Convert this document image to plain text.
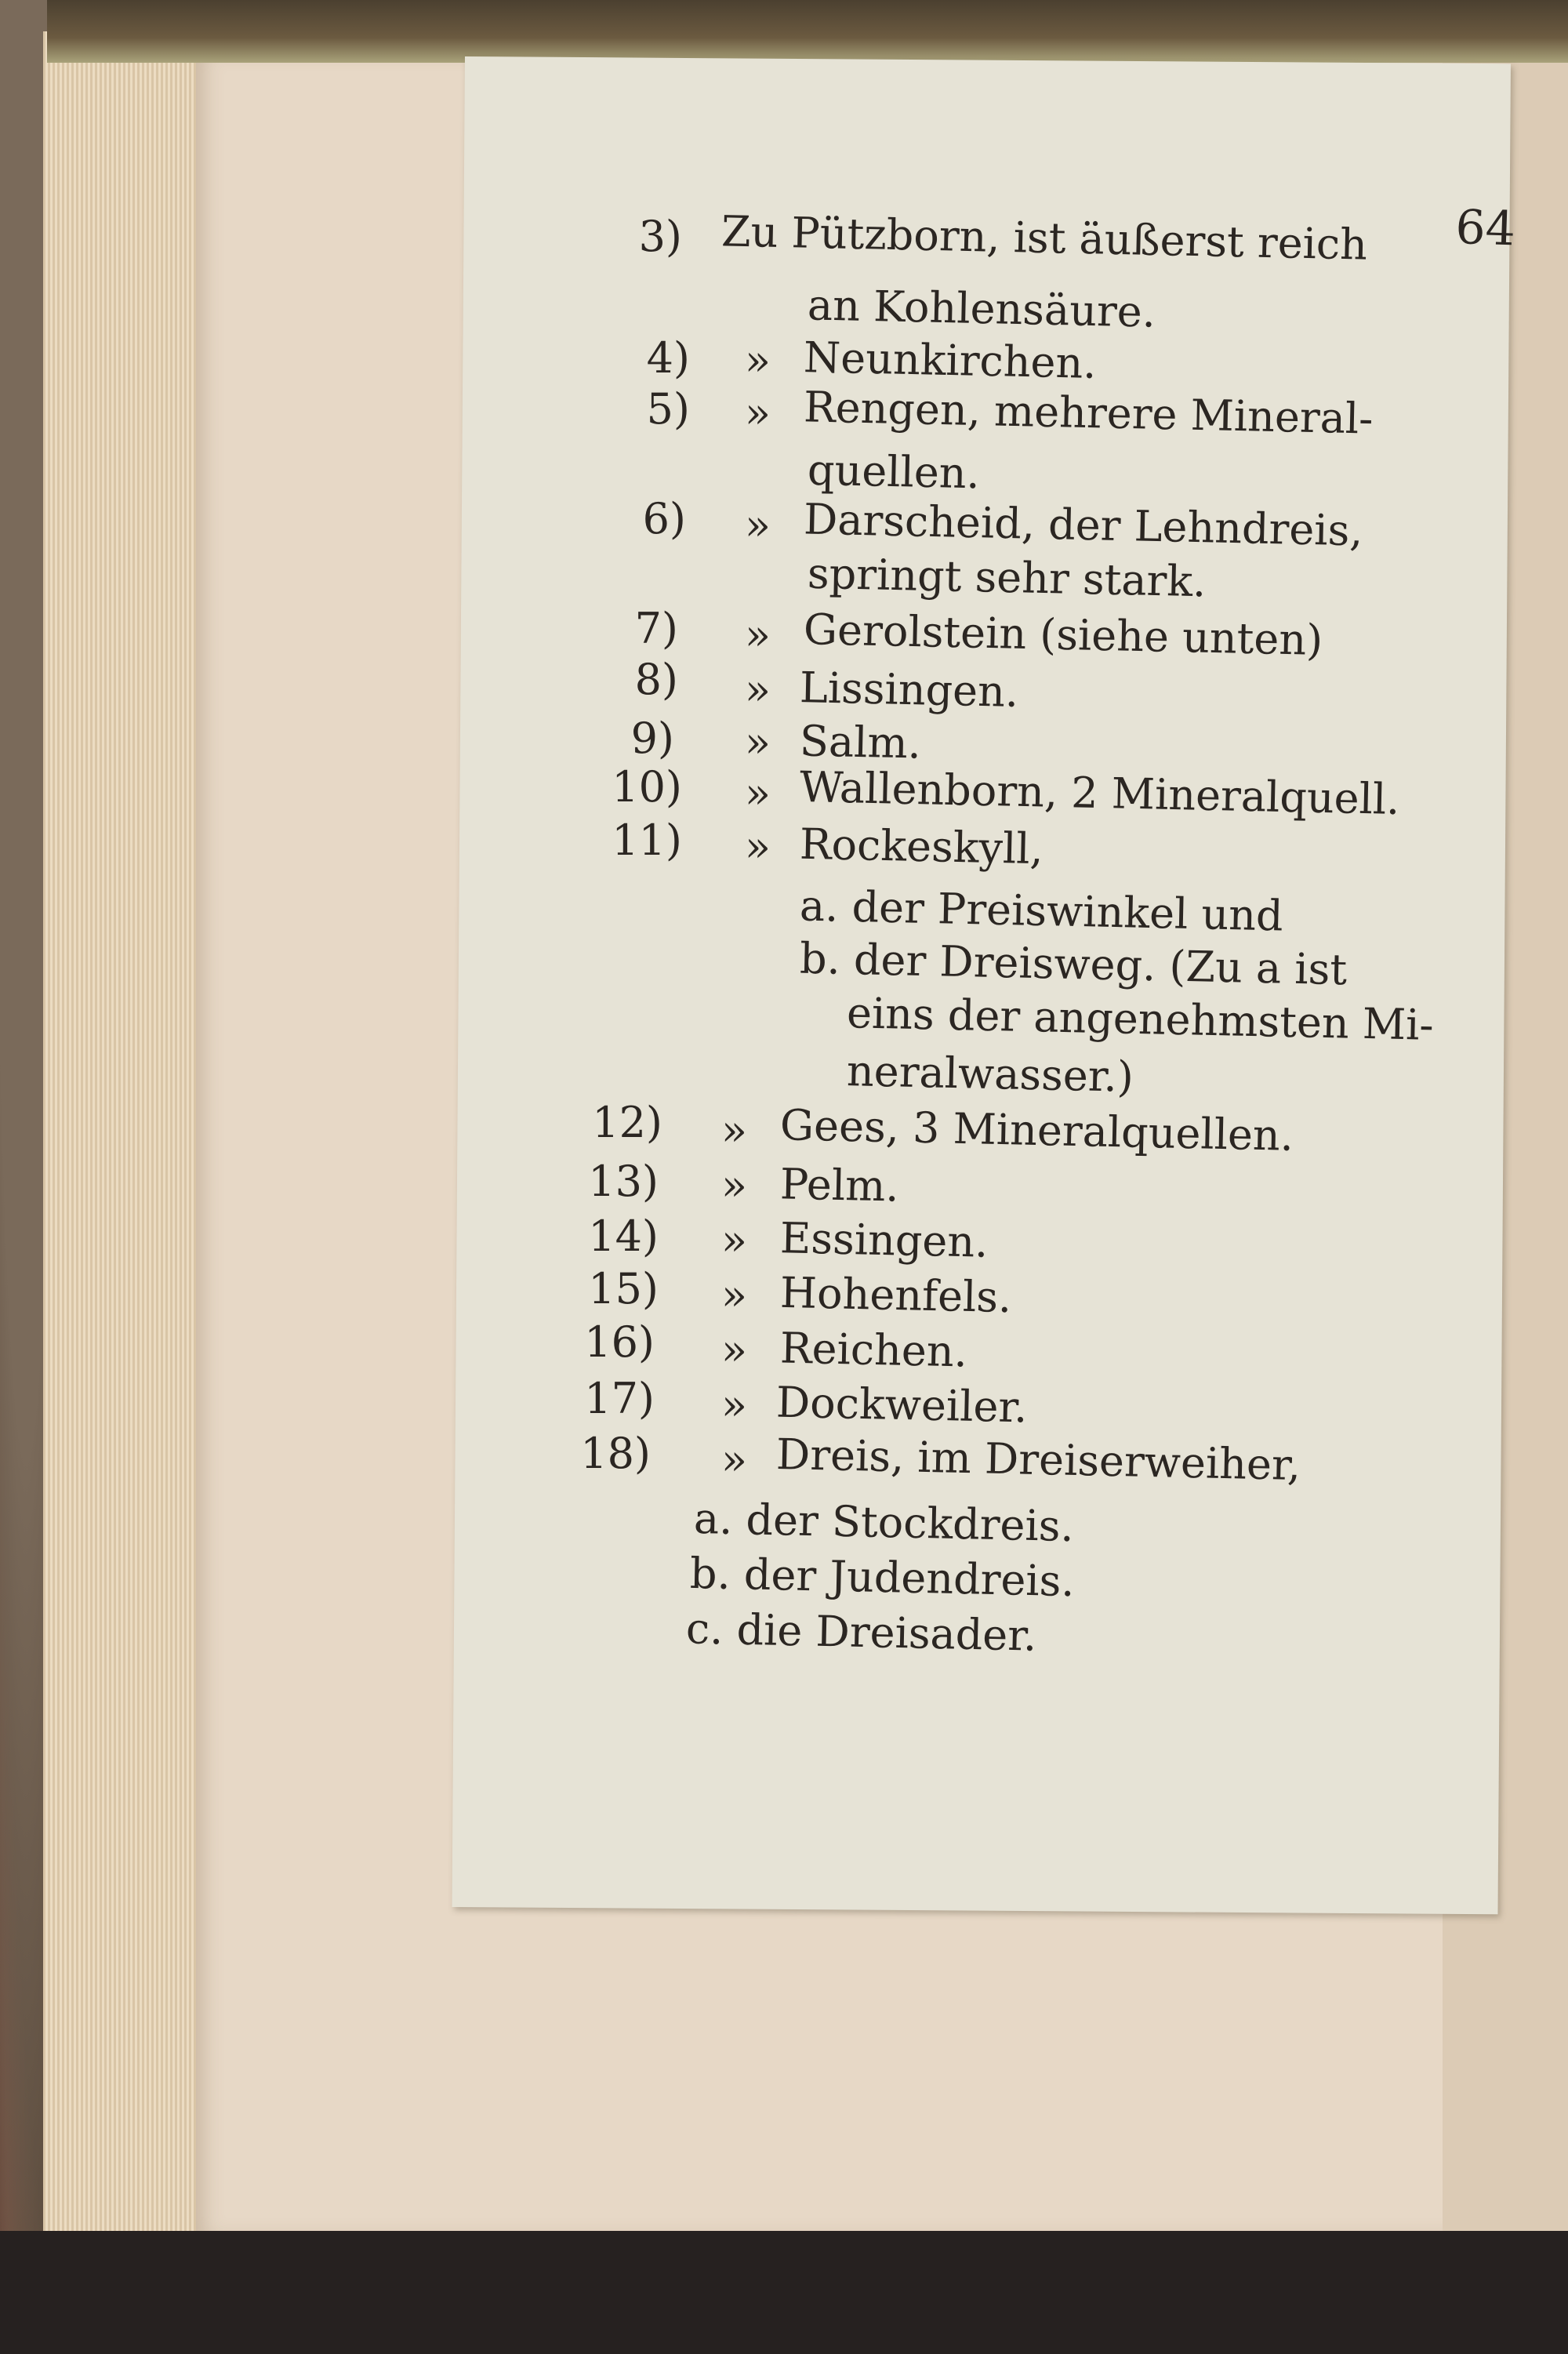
64
3) Zu Pützborn, ist äußerst reich
an Kohlensäure.
4) » Neunkirchen.
5) » Rengen, mehrere Mineral-
quellen.
6) » Darscheid, der Lehndreis,
springt sehr stark.
7) » Gerolstein (siehe unten)
8) » Lissingen.
9) » Salm.
10) » Wallenborn, 2 Mineralquell.
11) » Rockeskyll,
a. der Preiswinkel und
b. der Dreisweg. (Zu a ist
eins der angenehmsten Mi-
neralwasser.)
12) » Gees, 3 Mineralquellen.
13) » Pelm.
14) » Essingen.
15) » Hohenfels.
16) » Reichen.
17) » Dockweiler.
18) » Dreis, im Dreiserweiher,
a. der Stockdreis.
b. der Judendreis.
c. die Dreisader.
